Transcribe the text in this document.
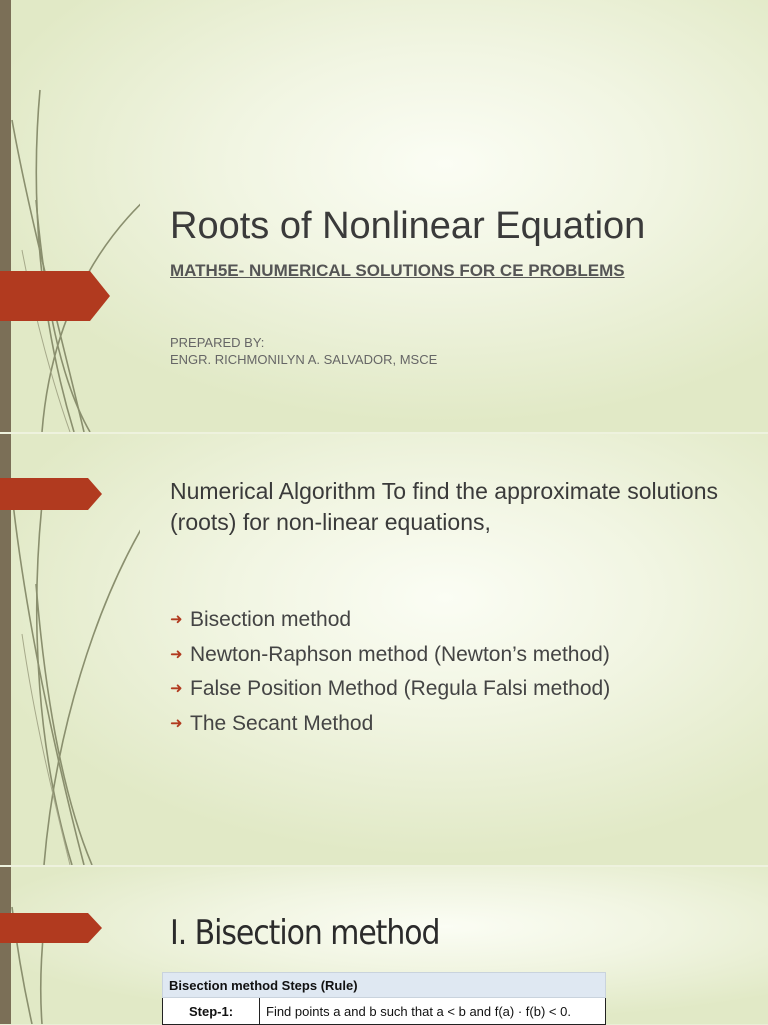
Roots of Nonlinear Equation
MATH5E- NUMERICAL SOLUTIONS FOR CE PROBLEMS
PREPARED BY:
ENGR. RICHMONILYN A. SALVADOR, MSCE
Numerical Algorithm To find the approximate solutions (roots) for non-linear equations,
➜ Bisection method
➜ Newton-Raphson method (Newton’s method)
➜ False Position Method (Regula Falsi method)
➜ The Secant Method
I. Bisection method
Bisection method Steps (Rule)
Step-1:	Find points a and b such that a < b and f(a) · f(b) < 0.
